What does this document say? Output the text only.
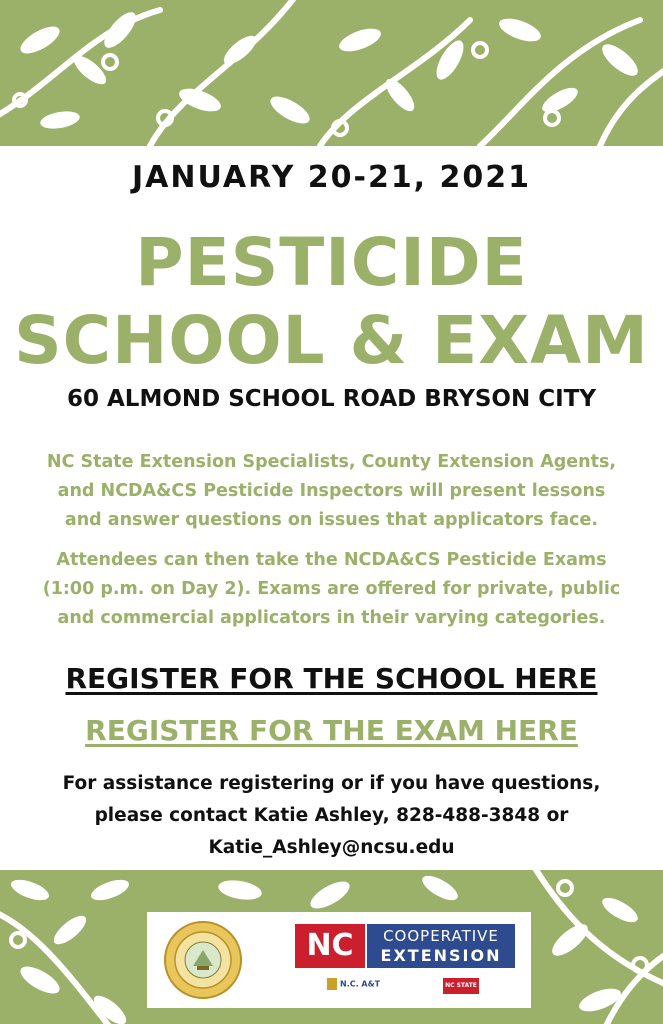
JANUARY 20-21, 2021
PESTICIDE
SCHOOL & EXAM
60 ALMOND SCHOOL ROAD BRYSON CITY
NC State Extension Specialists, County Extension Agents,
and NCDA&CS Pesticide Inspectors will present lessons
and answer questions on issues that applicators face.
Attendees can then take the NCDA&CS Pesticide Exams
(1:00 p.m. on Day 2). Exams are offered for private, public
and commercial applicators in their varying categories.
REGISTER FOR THE SCHOOL HERE
REGISTER FOR THE EXAM HERE
For assistance registering or if you have questions,
please contact Katie Ashley, 828-488-3848 or
Katie_Ashley@ncsu.edu
NC	COOPERATIVE
EXTENSION
N.C. A&T	NC STATE
